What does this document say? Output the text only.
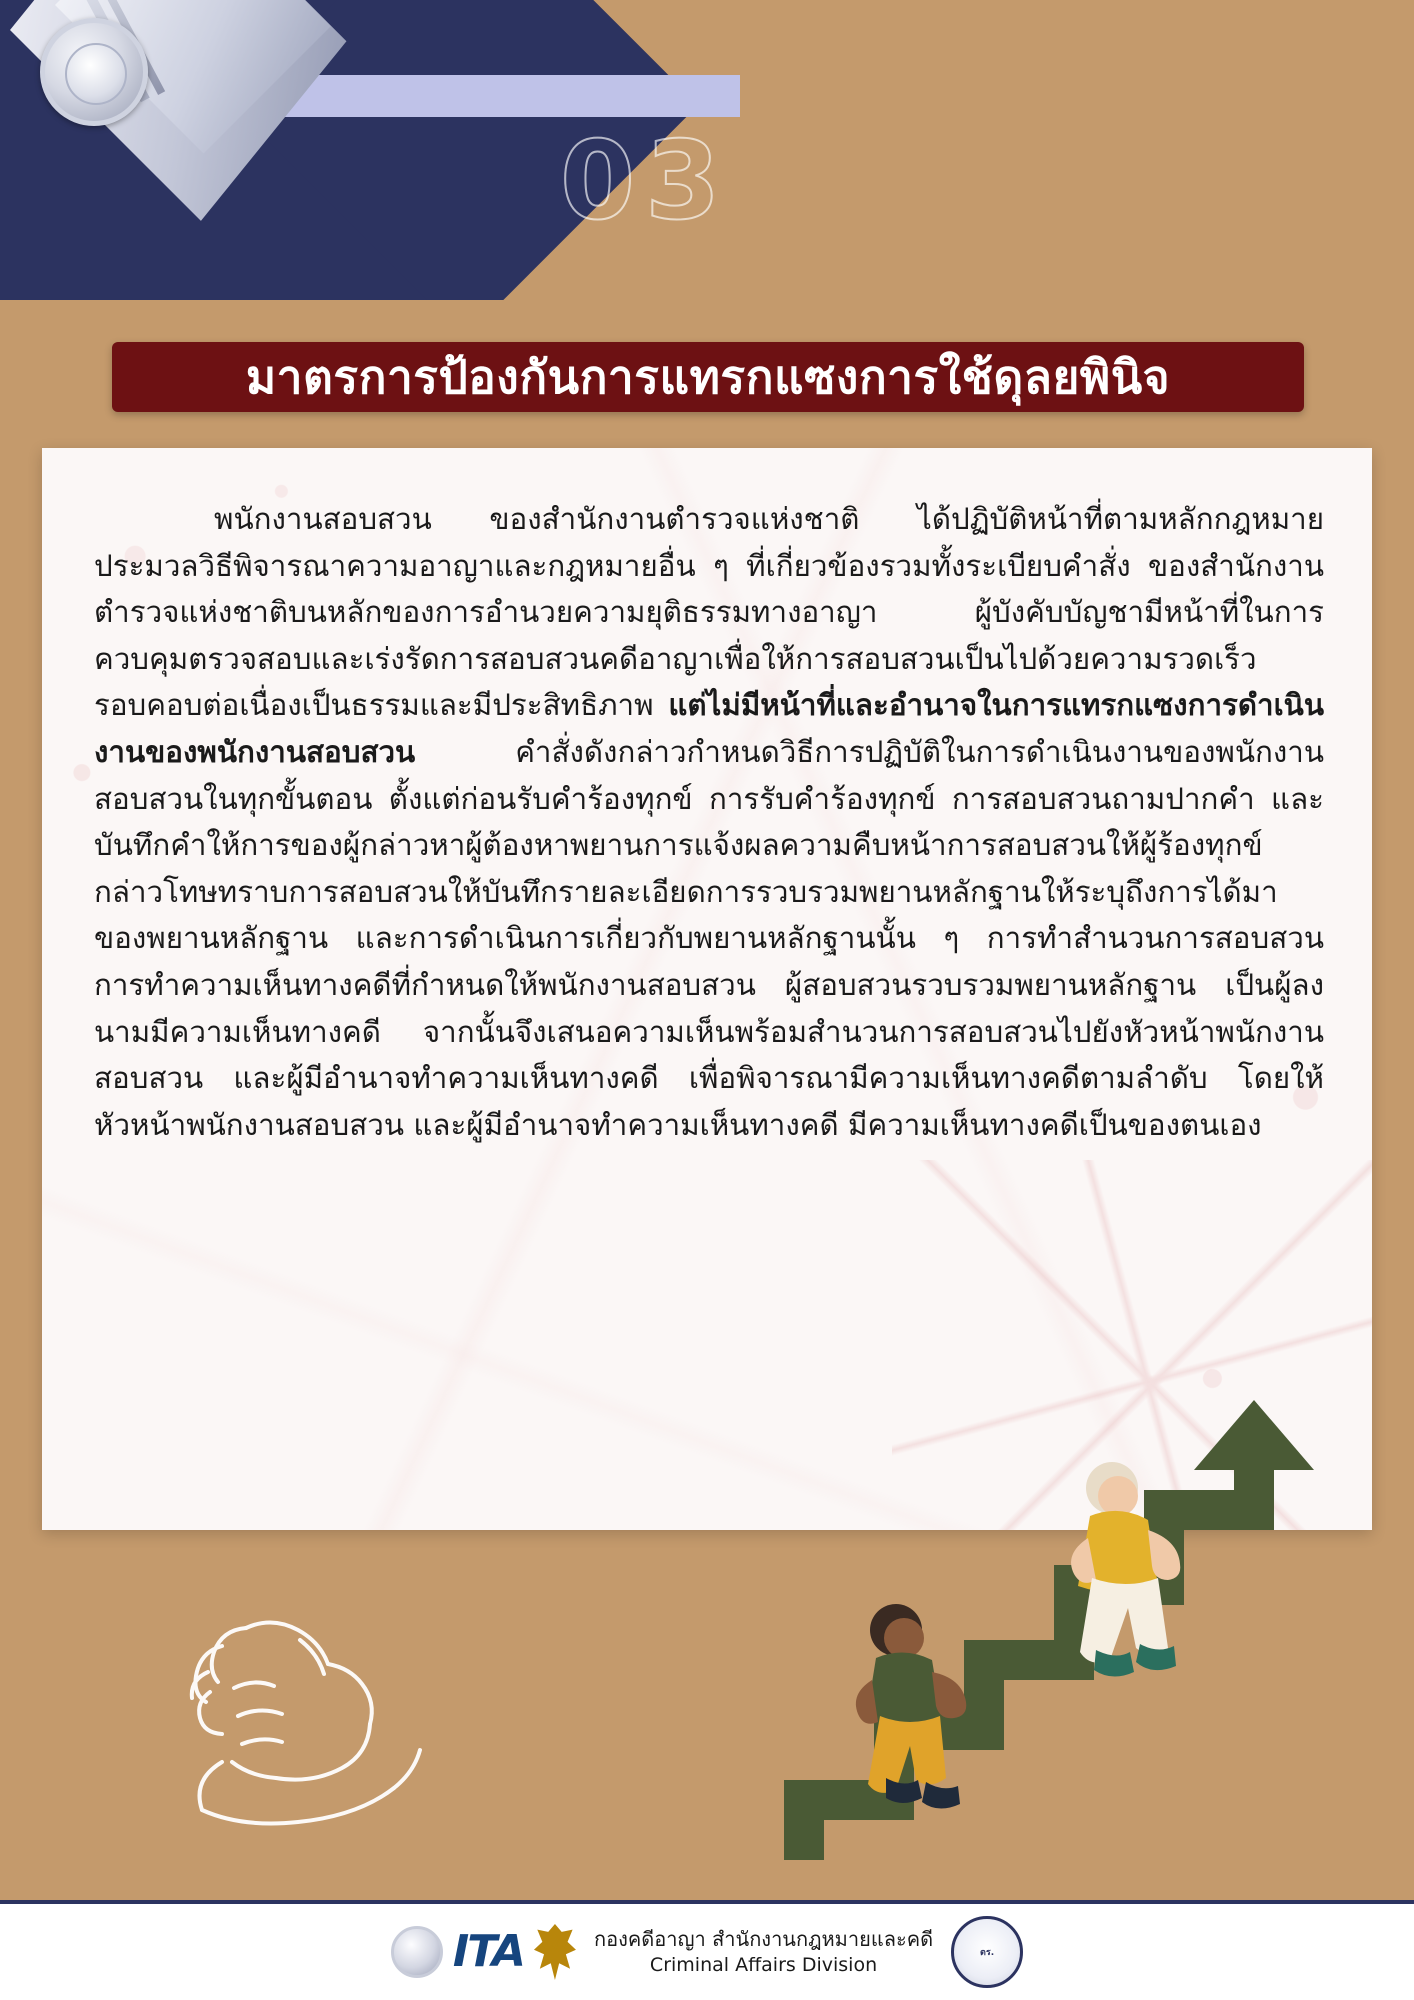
03
มาตรการป้องกันการแทรกแซงการใช้ดุลยพินิจ
พนักงานสอบสวน ของสำนักงานตำรวจแห่งชาติ ได้ปฏิบัติหน้าที่ตามหลักกฎหมายประมวลวิธีพิจารณาความอาญาและกฎหมายอื่น ๆ ที่เกี่ยวข้องรวมทั้งระเบียบคำสั่ง ของสำนักงานตำรวจแห่งชาติบนหลักของการอำนวยความยุติธรรมทางอาญา ผู้บังคับบัญชามีหน้าที่ในการควบคุมตรวจสอบและเร่งรัดการสอบสวนคดีอาญาเพื่อให้การสอบสวนเป็นไปด้วยความรวดเร็วรอบคอบต่อเนื่องเป็นธรรมและมีประสิทธิภาพ แต่ไม่มีหน้าที่และอำนาจในการแทรกแซงการดำเนินงานของพนักงานสอบสวน	คำสั่งดังกล่าวกำหนดวิธีการปฏิบัติในการดำเนินงานของพนักงานสอบสวนในทุกขั้นตอน ตั้งแต่ก่อนรับคำร้องทุกข์ การรับคำร้องทุกข์ การสอบสวนถามปากคำ และบันทึกคำให้การของผู้กล่าวหาผู้ต้องหาพยานการแจ้งผลความคืบหน้าการสอบสวนให้ผู้ร้องทุกข์กล่าวโทษทราบการสอบสวนให้บันทึกรายละเอียดการรวบรวมพยานหลักฐานให้ระบุถึงการได้มาของพยานหลักฐาน และการดำเนินการเกี่ยวกับพยานหลักฐานนั้น ๆ การทำสำนวนการสอบสวน การทำความเห็นทางคดีที่กำหนดให้พนักงานสอบสวน ผู้สอบสวนรวบรวมพยานหลักฐาน เป็นผู้ลงนามมีความเห็นทางคดี จากนั้นจึงเสนอความเห็นพร้อมสำนวนการสอบสวนไปยังหัวหน้าพนักงานสอบสวน และผู้มีอำนาจทำความเห็นทางคดี เพื่อพิจารณามีความเห็นทางคดีตามลำดับ โดยให้หัวหน้าพนักงานสอบสวน และผู้มีอำนาจทำความเห็นทางคดี มีความเห็นทางคดีเป็นของตนเอง
ITA	กองคดีอาญา สำนักงานกฎหมายและคดี
Criminal Affairs Division
ตร.
